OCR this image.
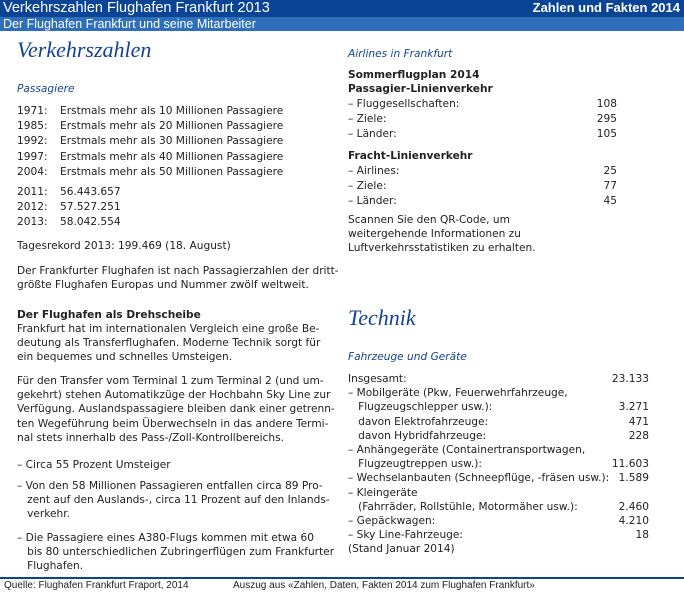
Verkehrszahlen Flughafen Frankfurt 2013	Zahlen und Fakten 2014
Der Flughafen Frankfurt und seine Mitarbeiter
Verkehrszahlen
Passagiere
1971: Erstmals mehr als 10 Millionen Passagiere
1985: Erstmals mehr als 20 Millionen Passagiere
1992: Erstmals mehr als 30 Millionen Passagiere
1997: Erstmals mehr als 40 Millionen Passagiere
2004: Erstmals mehr als 50 Millionen Passagiere
2011: 56.443.657
2012: 57.527.251
2013: 58.042.554
Tagesrekord 2013: 199.469 (18. August)
Der Frankfurter Flughafen ist nach Passagierzahlen der dritt-
größte Flughafen Europas und Nummer zwölf weltweit.
Der Flughafen als Drehscheibe
Frankfurt hat im internationalen Vergleich eine große Be-
deutung als Transferflughafen. Moderne Technik sorgt für
ein bequemes und schnelles Umsteigen.
Für den Transfer vom Terminal 1 zum Terminal 2 (und um-
gekehrt) stehen Automatikzüge der Hochbahn Sky Line zur
Verfügung. Auslandspassagiere bleiben dank einer getrenn-
ten Wegeführung beim Überwechseln in das andere Termi-
nal stets innerhalb des Pass-/Zoll-Kontrollbereichs.
– Circa 55 Prozent Umsteiger
– Von den 58 Millionen Passagieren entfallen circa 89 Pro-
zent auf den Auslands-, circa 11 Prozent auf den Inlands-
verkehr.
– Die Passagiere eines A380-Flugs kommen mit etwa 60
bis 80 unterschiedlichen Zubringerflügen zum Frankfurter
Flughafen.
Airlines in Frankfurt
Sommerflugplan 2014
Passagier-Linienverkehr
– Fluggesellschaften:	108
– Ziele:	295
– Länder:	105
Fracht-Linienverkehr
– Airlines:	25
– Ziele:	77
– Länder:	45
Scannen Sie den QR-Code, um
weitergehende Informationen zu
Luftverkehrsstatistiken zu erhalten.
Technik
Fahrzeuge und Geräte
Insgesamt:	23.133
– Mobilgeräte (Pkw, Feuerwehrfahrzeuge,
Flugzeugschlepper usw.):	3.271
davon Elektrofahrzeuge:	471
davon Hybridfahrzeuge:	228
– Anhängegeräte (Containertransportwagen,
Flugzeugtreppen usw.):	11.603
– Wechselanbauten (Schneepflüge, -fräsen usw.): 1.589
– Kleingeräte
(Fahrräder, Rollstühle, Motormäher usw.):	2.460
– Gepäckwagen:	4.210
– Sky Line-Fahrzeuge:	18
(Stand Januar 2014)
Quelle: Flughafen Frankfurt Fraport, 2014	Auszug aus «Zahlen, Daten, Fakten 2014 zum Flughafen Frankfurt»
